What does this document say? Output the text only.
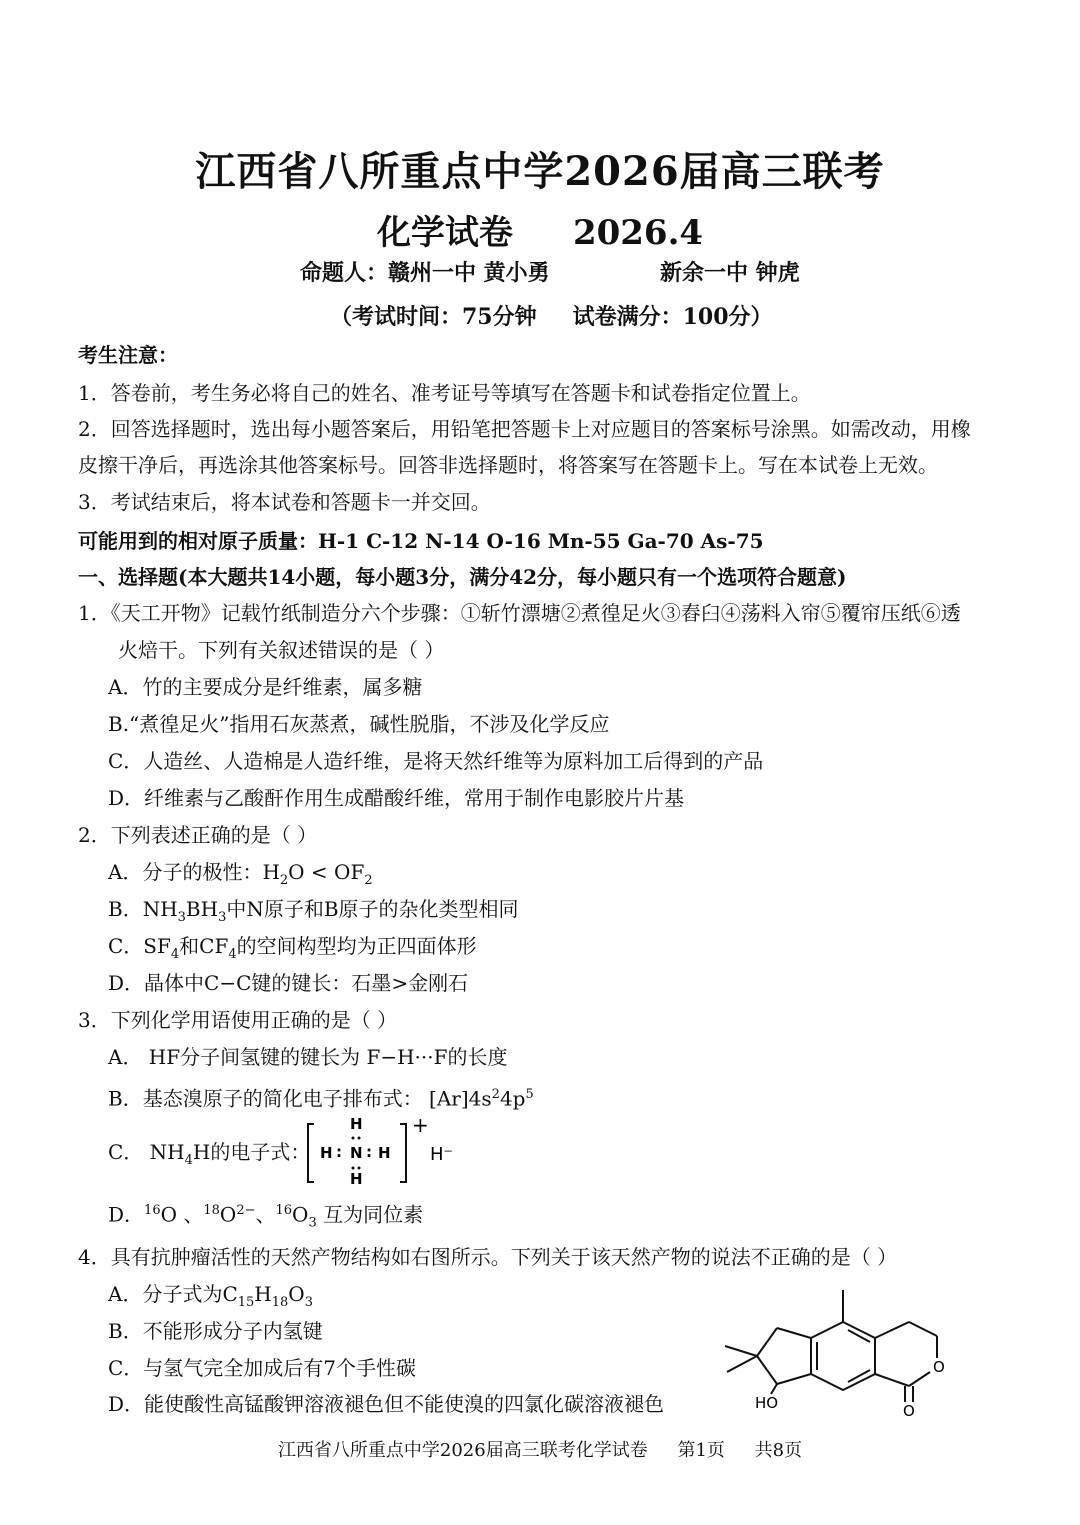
江西省八所重点中学2026届高三联考
化学试卷 2026.4
命题人：赣州一中 黄小勇	新余一中 钟虎
（考试时间：75分钟 试卷满分：100分）
考生注意：
1．答卷前，考生务必将自己的姓名、准考证号等填写在答题卡和试卷指定位置上。
2．回答选择题时，选出每小题答案后，用铅笔把答题卡上对应题目的答案标号涂黑。如需改动，用橡
皮擦干净后，再选涂其他答案标号。回答非选择题时，将答案写在答题卡上。写在本试卷上无效。
3．考试结束后，将本试卷和答题卡一并交回。
可能用到的相对原子质量：H-1 C-12 N-14 O-16 Mn-55 Ga-70 As-75
一、选择题(本大题共14小题，每小题3分，满分42分，每小题只有一个选项符合题意)
1．《天工开物》记载竹纸制造分六个步骤：①斩竹漂塘②煮徨足火③舂臼④荡料入帘⑤覆帘压纸⑥透
火焙干。下列有关叙述错误的是（ ）
A．竹的主要成分是纤维素，属多糖
B.“煮徨足火”指用石灰蒸煮，碱性脱脂，不涉及化学反应
C．人造丝、人造棉是人造纤维，是将天然纤维等为原料加工后得到的产品
D．纤维素与乙酸酐作用生成醋酸纤维，常用于制作电影胶片片基
2．下列表述正确的是（ ）
A．分子的极性：$H_2O < OF_2$
B．$NH_3BH_3$中N原子和B原子的杂化类型相同
C．$SF_4$和$CF_4$的空间构型均为正四面体形
D．晶体中C−C键的键长：石墨>金刚石
3．下列化学用语使用正确的是（ ）
A． HF分子间氢键的键长为 F−H···F的长度
B．基态溴原子的简化电子排布式： $[Ar]4s^24p^5$
C． $NH_4H$的电子式： H : N : H
H
H
+
H⁻
D．$^{16}$O 、$^{18}O^{2-}$、$^{16}O_3$ 互为同位素
4．具有抗肿瘤活性的天然产物结构如右图所示。下列关于该天然产物的说法不正确的是（ ）
A．分子式为$C_{15}H_{18}O_3$
B．不能形成分子内氢键
C．与氢气完全加成后有7个手性碳
D．能使酸性高锰酸钾溶液褪色但不能使溴的四氯化碳溶液褪色	HO
O
O
江西省八所重点中学2026届高三联考化学试卷 第1页 共8页
